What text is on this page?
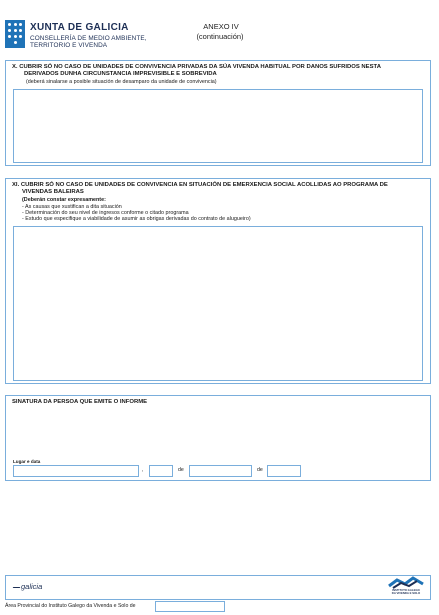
XUNTA DE GALICIA
CONSELLERÍA DE MEDIO AMBIENTE,
TERRITORIO E VIVENDA
ANEXO IV
(continuación)
X. CUBRIR SÓ NO CASO DE UNIDADES DE CONVIVENCIA PRIVADAS DA SÚA VIVENDA HABITUAL POR DANOS SUFRIDOS NESTA
DERIVADOS DUNHA CIRCUNSTANCIA IMPREVISIBLE E SOBREVIDA
(deberá sinalarse a posible situación de desamparo da unidade de convivencia)
XI. CUBRIR SÓ NO CASO DE UNIDADES DE CONVIVENCIA EN SITUACIÓN DE EMERXENCIA SOCIAL ACOLLIDAS AO PROGRAMA DE
VIVENDAS BALEIRAS
(Deberán constar expresamente:
- As causas que xustifican a dita situación
- Determinación do seu nivel de ingresos conforme o citado programa
- Estudo que especifique a viabilidade de asumir as obrigas derivadas do contrato de alugueiro)
SINATURA DA PERSOA QUE EMITE O INFORME
Lugar e data
,	de	de
galicia	INSTITUTO GALEGO
DA VIVENDA E SOLO
Área Provincial do Instituto Galego da Vivenda e Solo de
